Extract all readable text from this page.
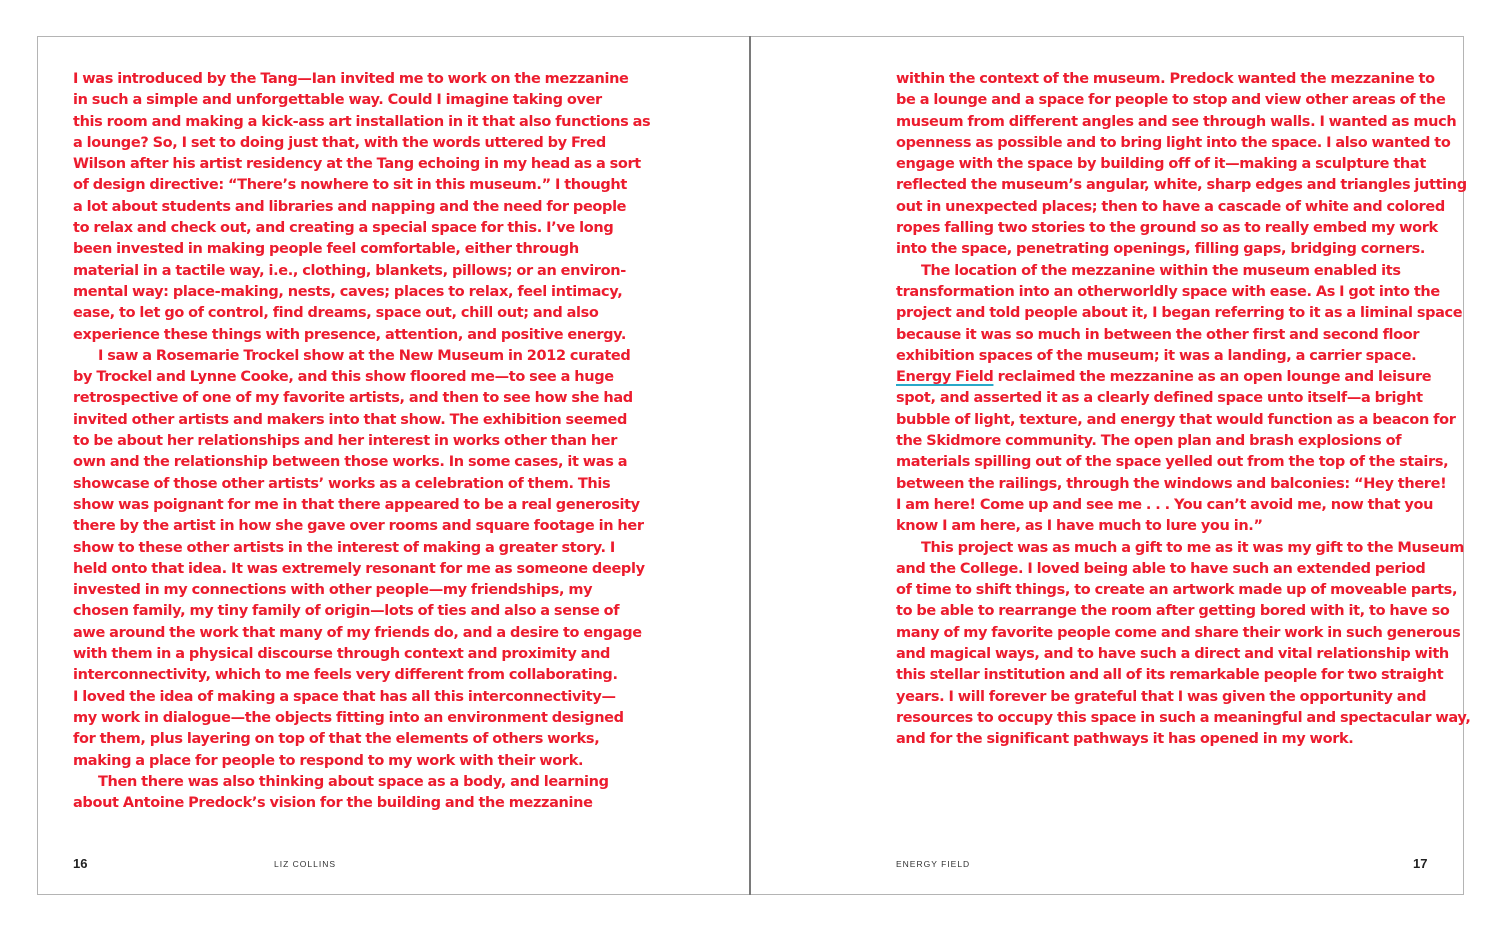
I was introduced by the Tang—Ian invited me to work on the mezzanine
in such a simple and unforgettable way. Could I imagine taking over
this room and making a kick-ass art installation in it that also functions as
a lounge? So, I set to doing just that, with the words uttered by Fred
Wilson after his artist residency at the Tang echoing in my head as a sort
of design directive: “There’s nowhere to sit in this museum.” I thought
a lot about students and libraries and napping and the need for people
to relax and check out, and creating a special space for this. I’ve long
been invested in making people feel comfortable, either through
material in a tactile way, i.e., clothing, blankets, pillows; or an environ-
mental way: place-making, nests, caves; places to relax, feel intimacy,
ease, to let go of control, find dreams, space out, chill out; and also
experience these things with presence, attention, and positive energy.
I saw a Rosemarie Trockel show at the New Museum in 2012 curated
by Trockel and Lynne Cooke, and this show floored me—to see a huge
retrospective of one of my favorite artists, and then to see how she had
invited other artists and makers into that show. The exhibition seemed
to be about her relationships and her interest in works other than her
own and the relationship between those works. In some cases, it was a
showcase of those other artists’ works as a celebration of them. This
show was poignant for me in that there appeared to be a real generosity
there by the artist in how she gave over rooms and square footage in her
show to these other artists in the interest of making a greater story. I
held onto that idea. It was extremely resonant for me as someone deeply
invested in my connections with other people—my friendships, my
chosen family, my tiny family of origin—lots of ties and also a sense of
awe around the work that many of my friends do, and a desire to engage
with them in a physical discourse through context and proximity and
interconnectivity, which to me feels very different from collaborating.
I loved the idea of making a space that has all this interconnectivity—
my work in dialogue—the objects fitting into an environment designed
for them, plus layering on top of that the elements of others works,
making a place for people to respond to my work with their work.
Then there was also thinking about space as a body, and learning
about Antoine Predock’s vision for the building and the mezzanine
within the context of the museum. Predock wanted the mezzanine to
be a lounge and a space for people to stop and view other areas of the
museum from different angles and see through walls. I wanted as much
openness as possible and to bring light into the space. I also wanted to
engage with the space by building off of it—making a sculpture that
reflected the museum’s angular, white, sharp edges and triangles jutting
out in unexpected places; then to have a cascade of white and colored
ropes falling two stories to the ground so as to really embed my work
into the space, penetrating openings, filling gaps, bridging corners.
The location of the mezzanine within the museum enabled its
transformation into an otherworldly space with ease. As I got into the
project and told people about it, I began referring to it as a liminal space
because it was so much in between the other first and second floor
exhibition spaces of the museum; it was a landing, a carrier space.
Energy Field reclaimed the mezzanine as an open lounge and leisure
spot, and asserted it as a clearly defined space unto itself—a bright
bubble of light, texture, and energy that would function as a beacon for
the Skidmore community. The open plan and brash explosions of
materials spilling out of the space yelled out from the top of the stairs,
between the railings, through the windows and balconies: “Hey there!
I am here! Come up and see me . . . You can’t avoid me, now that you
know I am here, as I have much to lure you in.”
This project was as much a gift to me as it was my gift to the Museum
and the College. I loved being able to have such an extended period
of time to shift things, to create an artwork made up of moveable parts,
to be able to rearrange the room after getting bored with it, to have so
many of my favorite people come and share their work in such generous
and magical ways, and to have such a direct and vital relationship with
this stellar institution and all of its remarkable people for two straight
years. I will forever be grateful that I was given the opportunity and
resources to occupy this space in such a meaningful and spectacular way,
and for the significant pathways it has opened in my work.
16	LIZ COLLINS	ENERGY FIELD	17
